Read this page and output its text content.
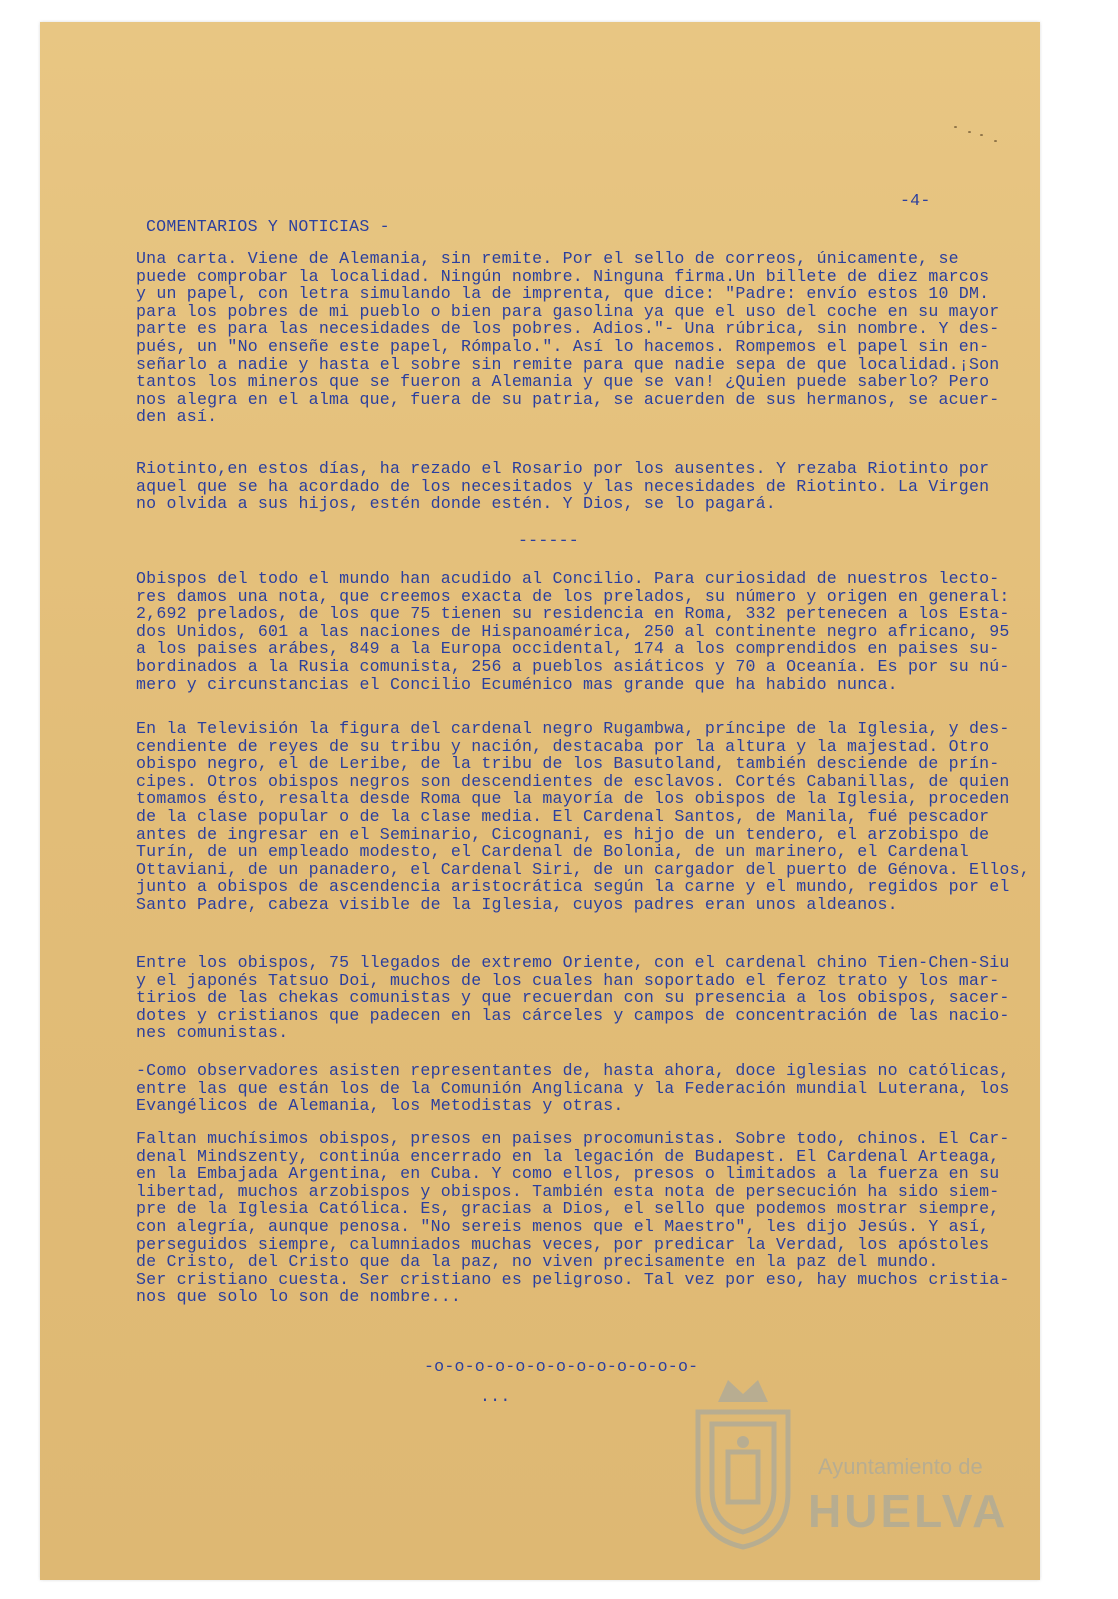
-4-
COMENTARIOS Y NOTICIAS -
Una carta. Viene de Alemania, sin remite. Por el sello de correos, únicamente, se
puede comprobar la localidad. Ningún nombre. Ninguna firma.Un billete de diez marcos
y un papel, con letra simulando la de imprenta, que dice: "Padre: envío estos 10 DM.
para los pobres de mi pueblo o bien para gasolina ya que el uso del coche en su mayor
parte es para las necesidades de los pobres. Adios."- Una rúbrica, sin nombre. Y des-
pués, un "No enseñe este papel, Rómpalo.". Así lo hacemos. Rompemos el papel sin en-
señarlo a nadie y hasta el sobre sin remite para que nadie sepa de que localidad.¡Son
tantos los mineros que se fueron a Alemania y que se van! ¿Quien puede saberlo? Pero
nos alegra en el alma que, fuera de su patria, se acuerden de sus hermanos, se acuer-
den así.
Riotinto,en estos días, ha rezado el Rosario por los ausentes. Y rezaba Riotinto por
aquel que se ha acordado de los necesitados y las necesidades de Riotinto. La Virgen
no olvida a sus hijos, estén donde estén. Y Dios, se lo pagará.
------
Obispos del todo el mundo han acudido al Concilio. Para curiosidad de nuestros lecto-
res damos una nota, que creemos exacta de los prelados, su número y origen en general:
2,692 prelados, de los que 75 tienen su residencia en Roma, 332 pertenecen a los Esta-
dos Unidos, 601 a las naciones de Hispanoamérica, 250 al continente negro africano, 95
a los paises arábes, 849 a la Europa occidental, 174 a los comprendidos en paises su-
bordinados a la Rusia comunista, 256 a pueblos asiáticos y 70 a Oceanía. Es por su nú-
mero y circunstancias el Concilio Ecuménico mas grande que ha habido nunca.
En la Televisión la figura del cardenal negro Rugambwa, príncipe de la Iglesia, y des-
cendiente de reyes de su tribu y nación, destacaba por la altura y la majestad. Otro
obispo negro, el de Leribe, de la tribu de los Basutoland, también desciende de prín-
cipes. Otros obispos negros son descendientes de esclavos. Cortés Cabanillas, de quien
tomamos ésto, resalta desde Roma que la mayoría de los obispos de la Iglesia, proceden
de la clase popular o de la clase media. El Cardenal Santos, de Manila, fué pescador
antes de ingresar en el Seminario, Cicognani, es hijo de un tendero, el arzobispo de
Turín, de un empleado modesto, el Cardenal de Bolonia, de un marinero, el Cardenal
Ottaviani, de un panadero, el Cardenal Siri, de un cargador del puerto de Génova. Ellos,
junto a obispos de ascendencia aristocrática según la carne y el mundo, regidos por el
Santo Padre, cabeza visible de la Iglesia, cuyos padres eran unos aldeanos.
Entre los obispos, 75 llegados de extremo Oriente, con el cardenal chino Tien-Chen-Siu
y el japonés Tatsuo Doi, muchos de los cuales han soportado el feroz trato y los mar-
tirios de las chekas comunistas y que recuerdan con su presencia a los obispos, sacer-
dotes y cristianos que padecen en las cárceles y campos de concentración de las nacio-
nes comunistas.
-Como observadores asisten representantes de, hasta ahora, doce iglesias no católicas,
entre las que están los de la Comunión Anglicana y la Federación mundial Luterana, los
Evangélicos de Alemania, los Metodistas y otras.
Faltan muchísimos obispos, presos en paises procomunistas. Sobre todo, chinos. El Car-
denal Mindszenty, continúa encerrado en la legación de Budapest. El Cardenal Arteaga,
en la Embajada Argentina, en Cuba. Y como ellos, presos o limitados a la fuerza en su
libertad, muchos arzobispos y obispos. También esta nota de persecución ha sido siem-
pre de la Iglesia Católica. Es, gracias a Dios, el sello que podemos mostrar siempre,
con alegría, aunque penosa. "No sereis menos que el Maestro", les dijo Jesús. Y así,
perseguidos siempre, calumniados muchas veces, por predicar la Verdad, los apóstoles
de Cristo, del Cristo que da la paz, no viven precisamente en la paz del mundo.
Ser cristiano cuesta. Ser cristiano es peligroso. Tal vez por eso, hay muchos cristia-
nos que solo lo son de nombre...
-o-o-o-o-o-o-o-o-o-o-o-o-o-
...
Ayuntamiento de
HUELVA
